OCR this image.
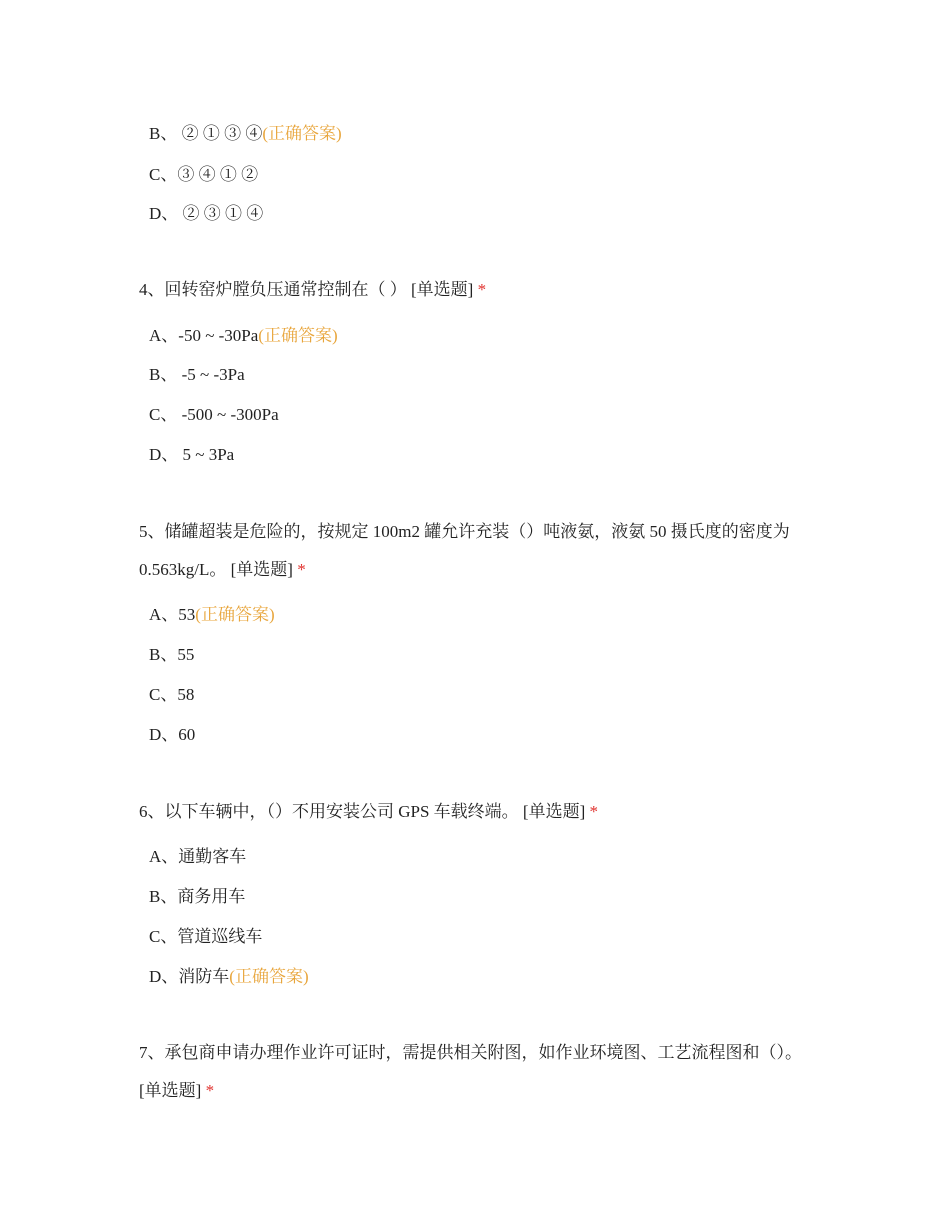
B、 ② ① ③ ④(正确答案)
C、③ ④ ① ②
D、 ② ③ ① ④
4、回转窑炉膛负压通常控制在（ ） [单选题] *
A、-50 ~ -30Pa(正确答案)
B、 -5 ~ -3Pa
C、 -500 ~ -300Pa
D、 5 ~ 3Pa
5、储罐超装是危险的，按规定 100m2 罐允许充装（）吨液氨，液氨 50 摄氏度的密度为 0.563kg/L。 [单选题] *
A、53(正确答案)
B、55
C、58
D、60
6、以下车辆中，（）不用安装公司 GPS 车载终端。 [单选题] *
A、通勤客车
B、商务用车
C、管道巡线车
D、消防车(正确答案)
7、承包商申请办理作业许可证时，需提供相关附图，如作业环境图、工艺流程图和（）。 [单选题] *
